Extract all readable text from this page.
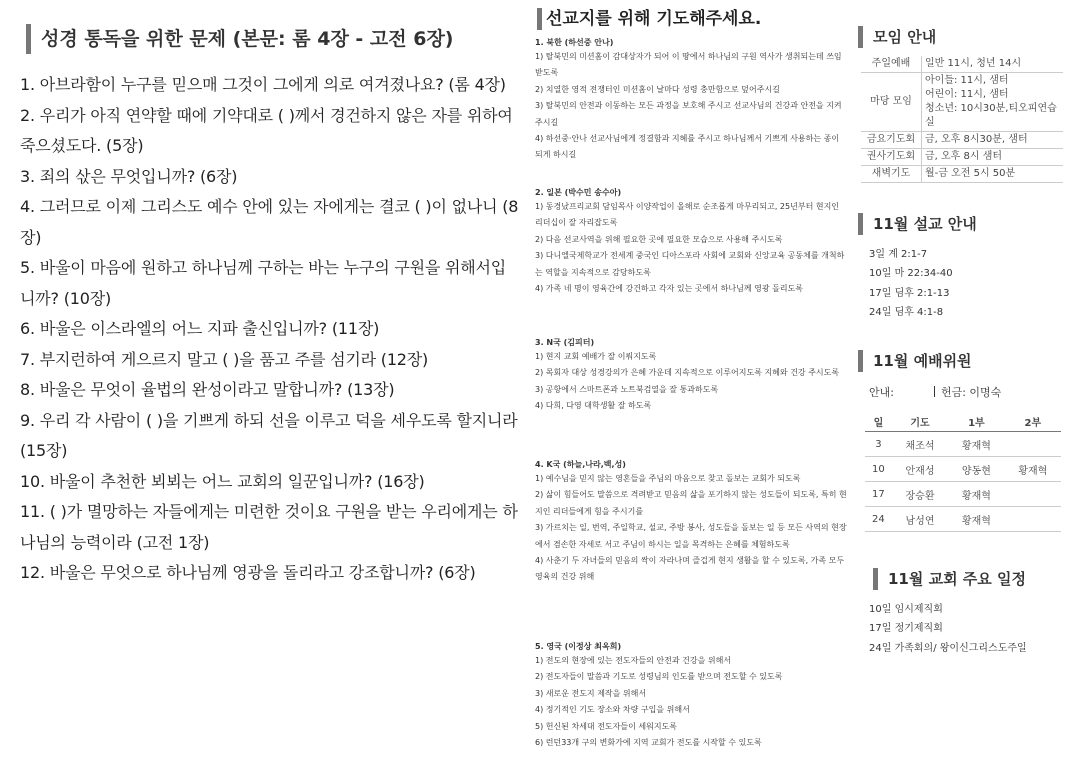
성경 통독을 위한 문제 (본문: 롬 4장 - 고전 6장)
1. 아브라함이 누구를 믿으매 그것이 그에게 의로 여겨졌나요? (롬 4장)
2. 우리가 아직 연약할 때에 기약대로 ( )께서 경건하지 않은 자를 위하여 죽으셨도다. (5장)
3. 죄의 삯은 무엇입니까? (6장)
4. 그러므로 이제 그리스도 예수 안에 있는 자에게는 결코 ( )이 없나니 (8장)
5. 바울이 마음에 원하고 하나님께 구하는 바는 누구의 구원을 위해서입니까? (10장)
6. 바울은 이스라엘의 어느 지파 출신입니까? (11장)
7. 부지런하여 게으르지 말고 ( )을 품고 주를 섬기라 (12장)
8. 바울은 무엇이 율법의 완성이라고 말합니까? (13장)
9. 우리 각 사람이 ( )을 기쁘게 하되 선을 이루고 덕을 세우도록 할지니라 (15장)
10. 바울이 추천한 뵈뵈는 어느 교회의 일꾼입니까? (16장)
11. ( )가 멸망하는 자들에게는 미련한 것이요 구원을 받는 우리에게는 하나님의 능력이라 (고전 1장)
12. 바울은 무엇으로 하나님께 영광을 돌리라고 강조합니까? (6장)
선교지를 위해 기도해주세요.
1. 북한 (하선중 안나)
1) 탈북민의 미션홈이 감대상자가 되어 이 땅에서 하나님의 구원 역사가 생취되는데 쓰임받도록
2) 치열한 영적 전쟁터인 미션홈이 날마다 성령 충만함으로 덮어주시길
3) 탈북민의 안전과 이동하는 모든 과정을 보호해 주시고 선교사님의 건강과 안전을 지켜주시길
4) 하선중·안나 선교사님에게 정결함과 지혜를 주시고 하나님께서 기쁘게 사용하는 종이 되게 하시길
2. 일본 (박수민 송수아)
1) 동경났프리교회 담임목사 이양작업이 올해로 순조롭게 마무리되고, 25년부터 현지인 리더십이 잘 자리잡도록
2) 다음 선교사역을 위해 필요한 곳에 필요한 모습으로 사용해 주시도록
3) 다니엘국제학교가 전세계 중국인 디아스포라 사회에 교회와 신앙교육 공동체를 개척하는 역할을 지속적으로 감당하도록
4) 가족 네 명이 영육간에 강건하고 각자 있는 곳에서 하나님께 영광 돌리도록
3. N국 (김피터)
1) 현지 교회 예배가 잘 이뤄지도록
2) 목회자 대상 성경강의가 은혜 가운데 지속적으로 이루어지도록 지혜와 건강 주시도록
3) 공항에서 스마트폰과 노트북검열을 잘 통과하도록
4) 다희, 다영 대학생활 잘 하도록
4. K국 (하늘,나라,백,성)
1) 예수님을 믿지 않는 영혼들을 주님의 마음으로 찾고 돌보는 교회가 되도록
2) 삶이 힘들어도 말씀으로 격려받고 믿음의 삶을 포기하지 않는 성도들이 되도록, 특히 현지인 리더들에게 힘을 주시기를
3) 가르치는 일, 번역, 주일학교, 설교, 주방 봉사, 성도들을 돌보는 일 등 모든 사역의 현장에서 겸손한 자세로 서고 주님이 하시는 일을 목격하는 은혜를 체험하도록
4) 사춘기 두 자녀들의 믿음의 싹이 자라나며 즐겁게 현지 생활을 할 수 있도록, 가족 모두 영육의 건강 위해
5. 영국 (이정상 최옥희)
1) 전도의 현장에 있는 전도자들의 안전과 건강을 위해서
2) 전도자들이 말씀과 기도로 성령님의 인도를 받으며 전도할 수 있도록
3) 새로운 전도지 제작을 위해서
4) 정기적인 기도 장소와 차량 구입을 위해서
5) 헌신된 차세대 전도자들이 세워지도록
6) 런던33개 구의 변화가에 지역 교회가 전도를 시작할 수 있도록
모임 안내
주일예배	일반 11시, 청년 14시

마당 모임	아이들: 11시, 샘터
어린이: 11시, 샘터
청소년: 10시30분,티오피연습실

금요기도회	금, 오후 8시30분, 샘터

권사기도회	금, 오후 8시 샘터

새벽기도	월-금 오전 5시 50분
11월 설교 안내
3일 계 2:1-7
10일 마 22:34-40
17일 딤후 2:1-13
24일 딤후 4:1-8
11월 예배위원
안내:	헌금: 이명숙
일	기도	1부	2부
3	채조석	황재혁	
10	안재성	양동현	황재혁
17	장승환	황재혁	
24	남성연	황재혁	
11월 교회 주요 일정
10일 임시제직회
17일 정기제직회
24일 가족회의/ 왕이신그리스도주일
